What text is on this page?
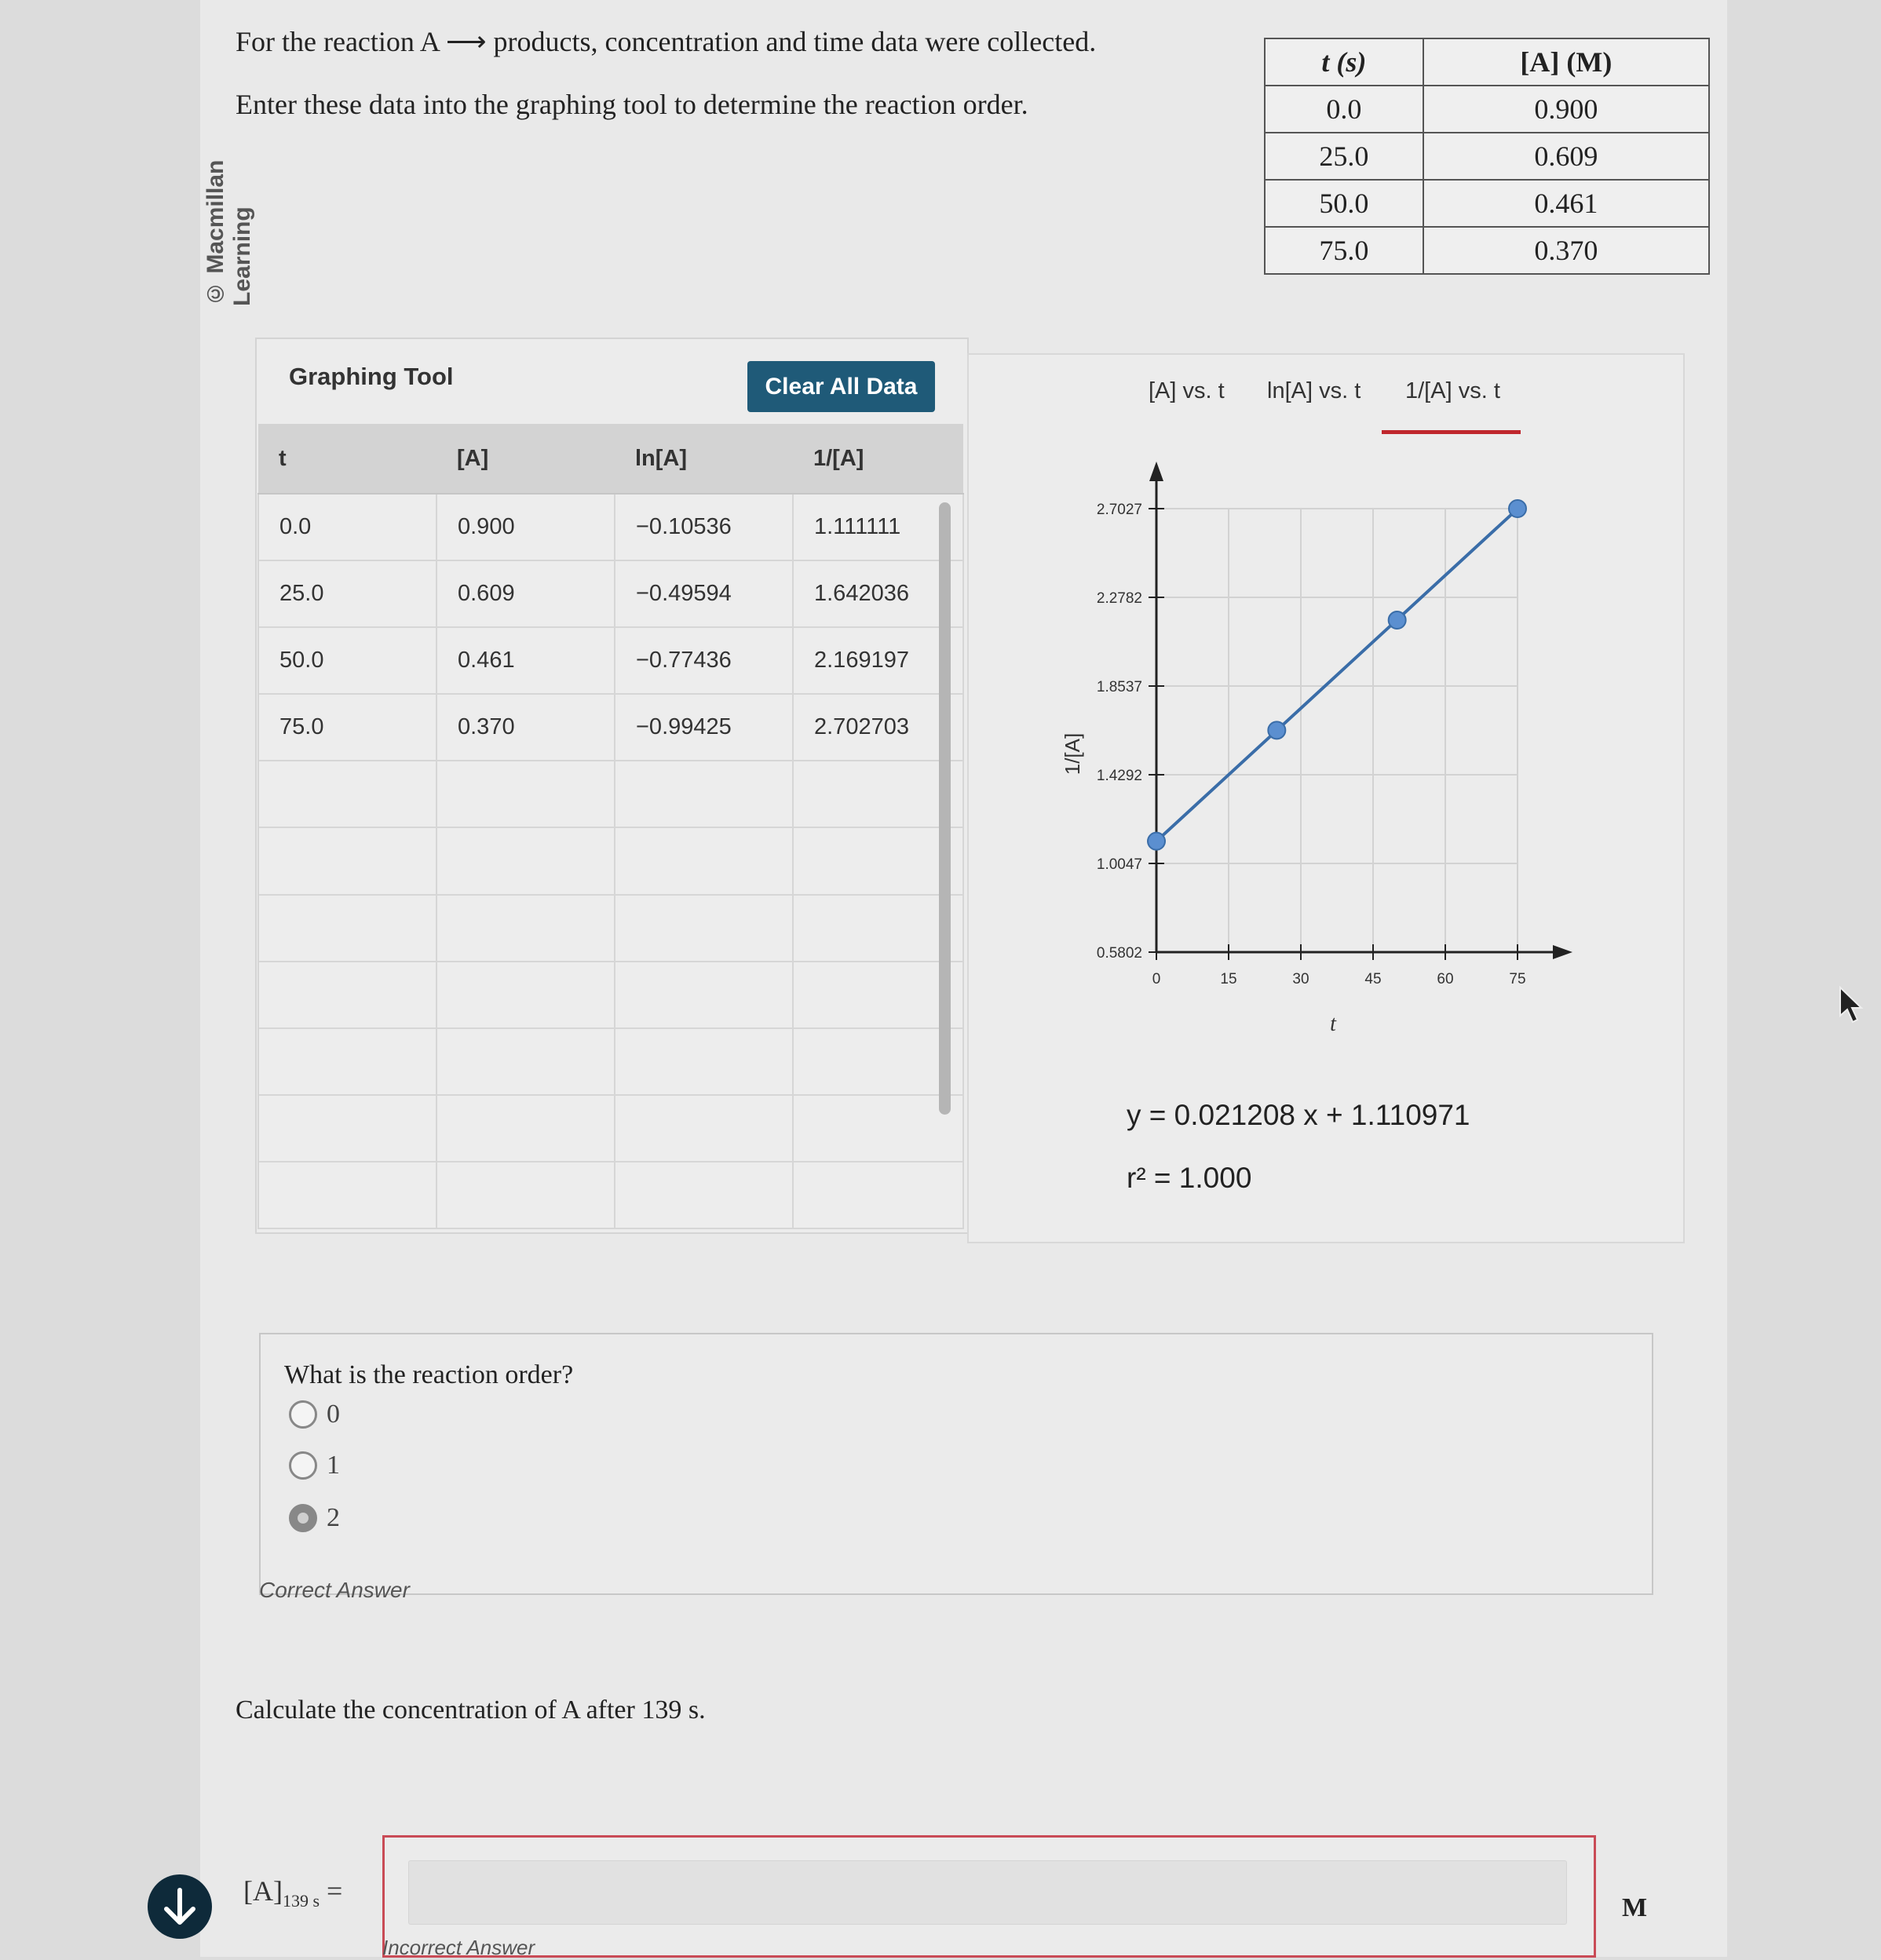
© Macmillan Learning
For the reaction A ⟶ products, concentration and time data were collected.
Enter these data into the graphing tool to determine the reaction order.
t (s)	[A] (M)
0.0	0.900
25.0	0.609
50.0	0.461
75.0	0.370
Graphing Tool	Clear All Data
t	[A]	ln[A]	1/[A]
0.0	0.900	−0.10536	1.111111
25.0	0.609	−0.49594	1.642036
50.0	0.461	−0.77436	2.169197
75.0	0.370	−0.99425	2.702703

[A] vs. t ln[A] vs. t 1/[A] vs. t
0.5802
1.0047
1.4292
1.8537
2.2782
2.7027
0	15	30	45	60	75
t
1/[A]
y = 0.021208 x + 1.110971
r² = 1.000
What is the reaction order?
0
1
2
Correct Answer
Calculate the concentration of A after 139 s.
$[A]_{139 s}$ =
M
Incorrect Answer
